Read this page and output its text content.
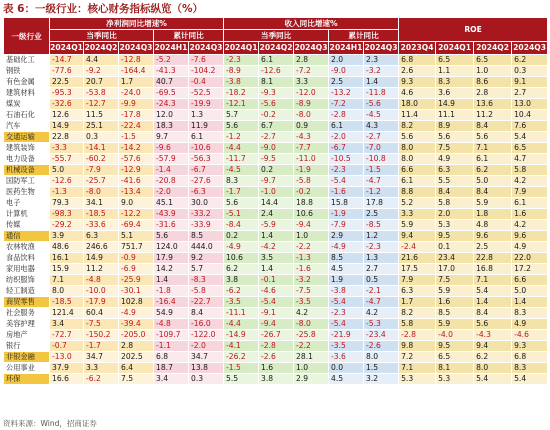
表 6：一级行业：核心财务指标纵览（%）
一级行业	净利润同比增速%					收入同比增速%					ROE			
	当季同比			累计同比		当季同比			累计同比					
	2024Q1	2024Q2	2024Q3	2024H1	2024Q3	2024Q1	2024Q2	2024Q3	2024H1	2024Q3	2023Q4	2024Q1	2024Q2	2024Q3
基础化工	-14.7	4.4	-12.8	-5.2	-7.6	-2.3	6.1	2.8	2.0	2.3	6.8	6.5	6.5	6.2
钢铁	-77.6	-9.2	-164.4	-41.3	-104.2	-8.9	-12.6	-7.2	-9.0	-3.2	2.6	1.1	1.0	0.3
有色金属	22.5	20.7	1.7	40.7	-0.4	-3.8	8.1	3.3	2.5	1.4	9.3	8.3	8.6	9.1
建筑材料	-95.3	-53.8	-24.0	-69.5	-52.5	-18.2	-9.3	-12.0	-13.2	-11.8	4.6	3.6	2.8	2.7
煤炭	-32.6	-12.7	-9.9	-24.3	-19.9	-12.1	-5.6	-8.9	-7.2	-5.6	18.0	14.9	13.6	13.0
石油石化	12.6	11.5	-17.8	12.0	1.3	5.7	-0.2	-8.0	-2.8	-4.5	11.4	11.1	11.2	10.4
汽车	14.9	25.1	-22.4	18.3	11.9	5.6	6.7	0.9	6.1	4.3	8.2	8.9	8.4	7.6
交通运输	22.8	0.3	-1.5	9.7	6.1	-1.2	-2.7	-4.3	-2.0	-2.7	5.6	5.6	5.6	5.4
建筑装饰	-3.3	-14.1	-14.2	-9.6	-10.6	-4.4	-9.0	-7.7	-6.7	-7.0	8.0	7.5	7.1	6.5
电力设备	-55.7	-60.2	-57.6	-57.9	-56.3	-11.7	-9.5	-11.0	-10.5	-10.8	8.0	4.9	6.1	4.7
机械设备	5.0	-7.9	-12.9	-1.4	-6.7	-4.5	0.2	-1.9	-2.3	-1.5	6.6	6.3	6.2	5.8
国防军工	-12.6	-25.7	-41.6	-20.8	-27.6	8.3	-9.7	-5.8	-5.4	-4.7	6.1	5.5	5.0	4.2
医药生物	-1.3	-8.0	-13.4	-2.0	-6.3	-1.7	-1.0	-0.2	-1.6	-1.2	8.8	8.4	8.4	7.9
电子	79.3	34.1	9.0	45.1	30.0	5.6	14.4	18.8	15.8	17.8	5.2	5.8	5.9	6.1
计算机	-98.3	-18.5	-12.2	-43.9	-33.2	-5.1	2.4	10.6	-1.9	2.5	3.3	2.0	1.8	1.6
传媒	-29.2	-33.6	-69.4	-31.6	-33.9	-8.4	-5.9	-9.4	-7.9	-8.5	5.9	5.3	4.8	4.2
通信	3.9	6.3	5.1	5.6	8.5	0.2	1.4	1.0	2.9	1.2	9.4	9.5	9.6	9.6
农林牧渔	48.6	246.6	751.7	124.0	444.0	-4.9	-4.2	-2.2	-4.9	-2.3	-2.4	0.1	2.5	4.9
食品饮料	16.1	14.9	-0.9	17.9	9.2	10.6	3.5	-1.3	8.5	1.3	21.6	23.4	22.8	22.0
家用电器	15.9	11.2	-6.9	14.2	5.7	6.2	1.4	-1.6	4.5	2.7	17.5	17.0	16.8	17.2
纺织服饰	7.1	-4.8	-25.9	1.4	-8.3	3.8	-0.1	-3.2	1.9	0.5	7.9	7.5	7.1	6.6
轻工制造	8.0	-10.0	-30.1	-1.8	-5.8	-6.2	-4.6	-7.5	-3.8	-2.1	6.3	5.9	5.4	5.0
商贸零售	-18.5	-17.9	102.8	-16.4	-22.7	-3.5	-5.4	-3.5	-5.4	-4.7	1.7	1.6	1.4	1.4
社会服务	121.4	60.4	-4.9	54.9	8.4	-11.1	-9.1	4.2	-2.3	4.2	8.2	8.5	8.4	8.3
美容护理	3.4	-7.5	-39.4	-4.8	-16.0	-4.4	-9.4	-8.0	-5.4	-5.3	5.8	5.9	5.6	4.9
房地产	-72.7	-150.2	-205.0	-109.7	-122.0	-14.9	-26.7	-25.8	-21.9	-23.4	-2.8	-4.0	-4.3	-4.6
银行	-0.7	-1.7	2.8	-1.1	-2.0	-4.1	-2.8	-2.2	-3.5	-2.6	9.8	9.5	9.4	9.3
非银金融	-13.0	34.7	202.5	6.8	34.7	-26.2	-2.6	28.1	-3.6	8.0	7.2	6.5	6.2	6.8
公用事业	37.9	3.3	6.4	18.7	13.8	-1.5	1.6	1.0	0.0	1.5	7.1	8.1	8.0	8.3
环保	16.6	-6.2	7.5	3.4	0.3	5.5	3.8	2.9	4.5	3.2	5.3	5.3	5.4	5.4
资料来源：Wind，招商证券
